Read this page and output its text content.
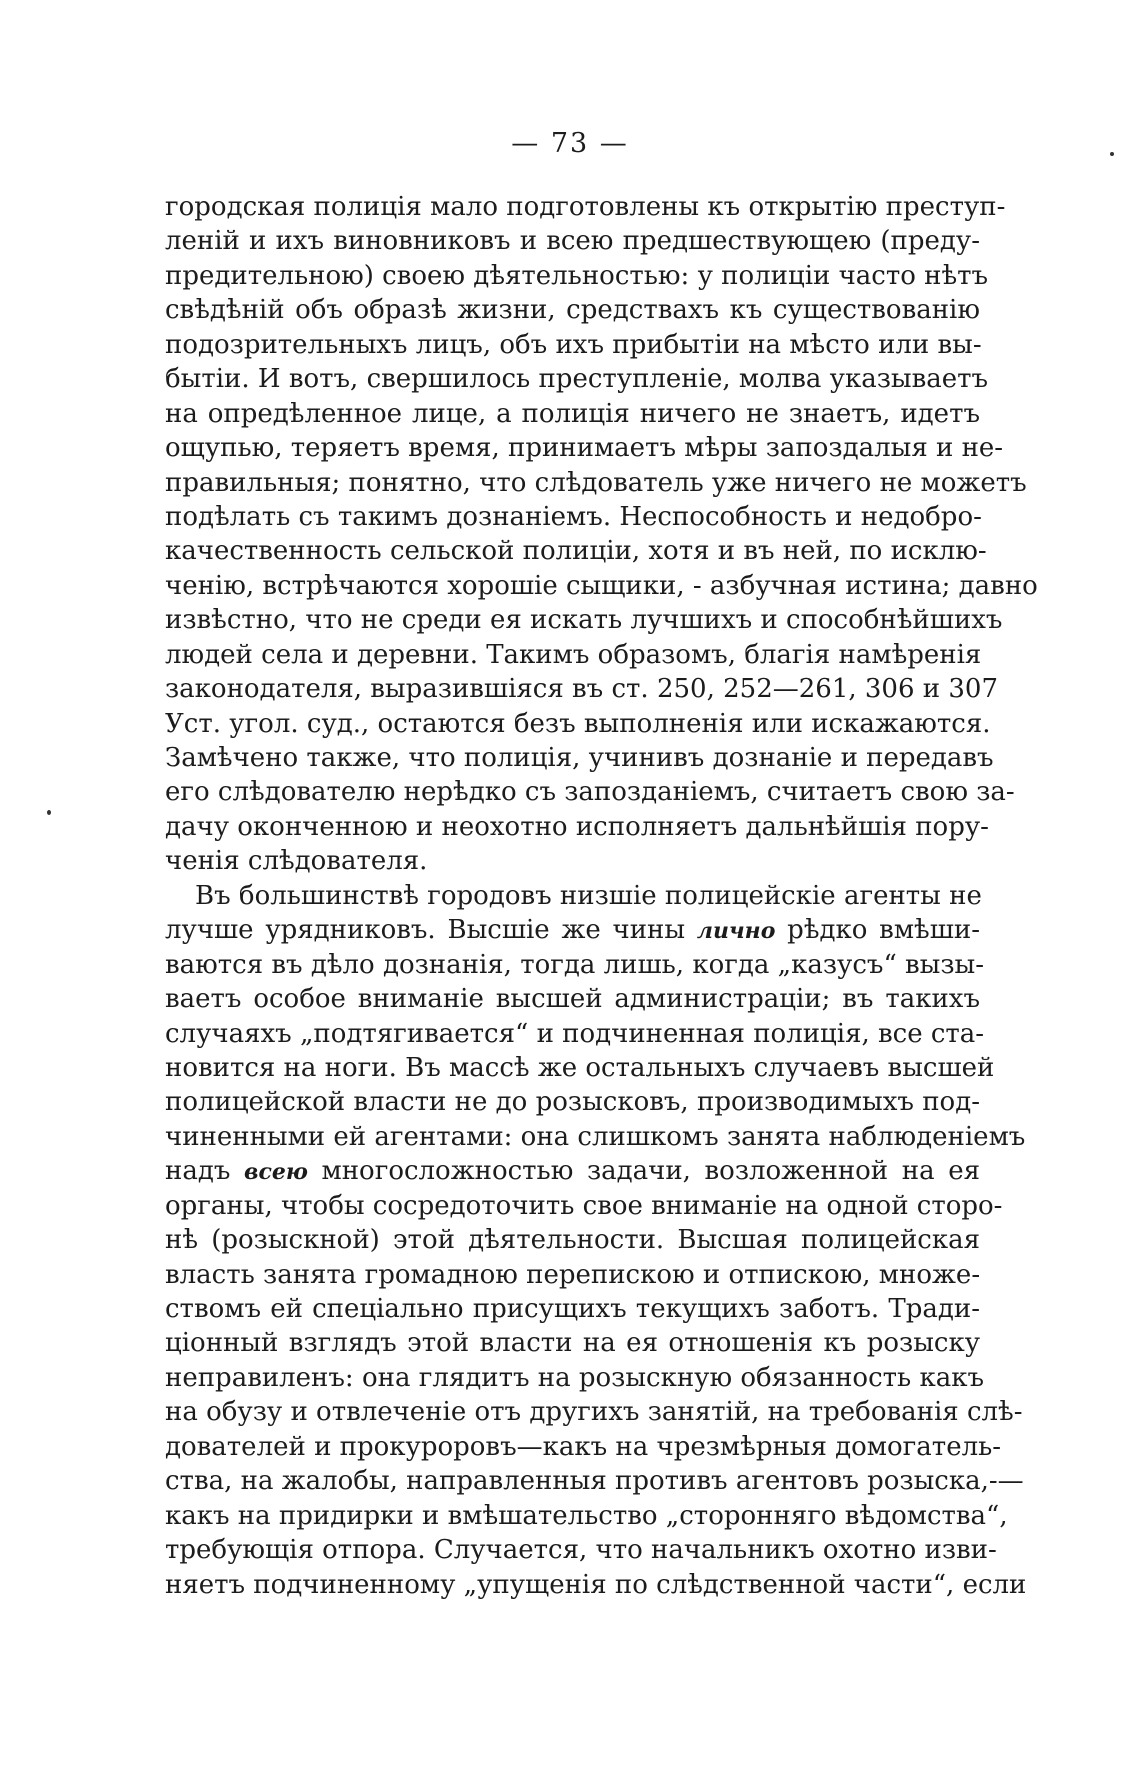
— 73 —
городская полиція мало подготовлены къ открытію преступ-
леній и ихъ виновниковъ и всею предшествующею (преду-
предительною) своею дѣятельностью: у полиціи часто нѣтъ
свѣдѣній объ образѣ жизни, средствахъ къ существованію
подозрительныхъ лицъ, объ ихъ прибытіи на мѣсто или вы-
бытіи. И вотъ, свершилось преступленіе, молва указываетъ
на опредѣленное лице, а полиція ничего не знаетъ, идетъ
ощупью, теряетъ время, принимаетъ мѣры запоздалыя и не-
правильныя; понятно, что слѣдователь уже ничего не можетъ
подѣлать съ такимъ дознаніемъ. Неспособность и недобро-
качественность сельской полиціи, хотя и въ ней, по исклю-
ченію, встрѣчаются хорошіе сыщики, - азбучная истина; давно
извѣстно, что не среди ея искать лучшихъ и способнѣйшихъ
людей села и деревни. Такимъ образомъ, благія намѣренія
законодателя, выразившіяся въ ст. 250, 252—261, 306 и 307
Уст. угол. суд., остаются безъ выполненія или искажаются.
Замѣчено также, что полиція, учинивъ дознаніе и передавъ
его слѣдователю нерѣдко съ запозданіемъ, считаетъ свою за-
дачу оконченною и неохотно исполняетъ дальнѣйшія пору-
ченія слѣдователя.
Въ большинствѣ городовъ низшіе полицейскіе агенты не
лучше урядниковъ. Высшіе же чины лично рѣдко вмѣши-
ваются въ дѣло дознанія, тогда лишь, когда „казусъ“ вызы-
ваетъ особое вниманіе высшей администраціи; въ такихъ
случаяхъ „подтягивается“ и подчиненная полиція, все ста-
новится на ноги. Въ массѣ же остальныхъ случаевъ высшей
полицейской власти не до розысковъ, производимыхъ под-
чиненными ей агентами: она слишкомъ занята наблюденіемъ
надъ всею многосложностью задачи, возложенной на ея
органы, чтобы сосредоточить свое вниманіе на одной сторо-
нѣ (розыскной) этой дѣятельности. Высшая полицейская
власть занята громадною перепискою и отпискою, множе-
ствомъ ей спеціально присущихъ текущихъ заботъ. Тради-
ціонный взглядъ этой власти на ея отношенія къ розыску
неправиленъ: она глядитъ на розыскную обязанность какъ
на обузу и отвлеченіе отъ другихъ занятій, на требованія слѣ-
дователей и прокуроровъ—какъ на чрезмѣрныя домогатель-
ства, на жалобы, направленныя противъ агентовъ розыска,-—
какъ на придирки и вмѣшательство „сторонняго вѣдомства“,
требующія отпора. Случается, что начальникъ охотно изви-
няетъ подчиненному „упущенія по слѣдственной части“, если
